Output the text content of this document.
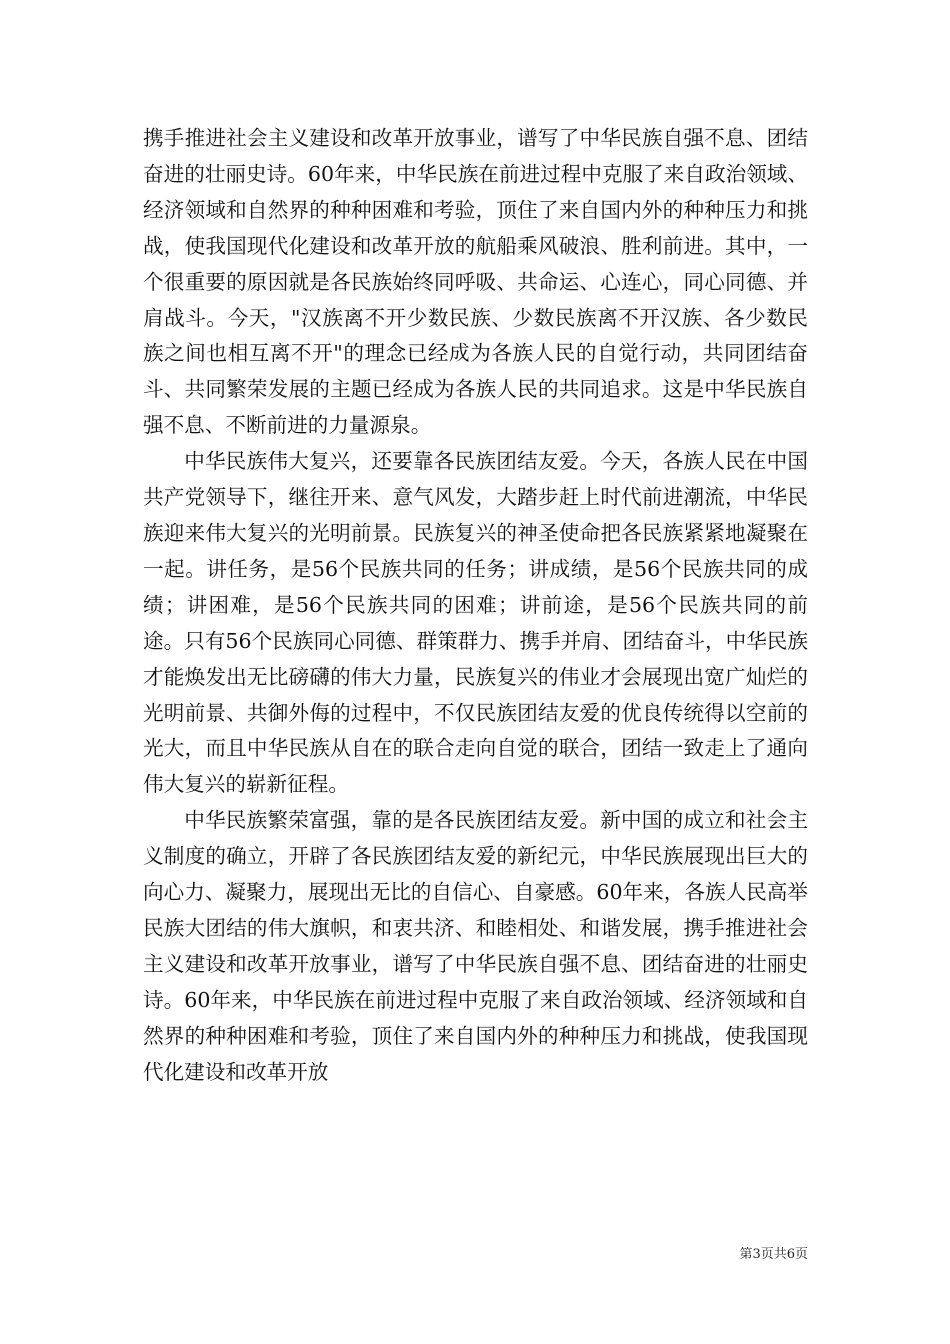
携手推进社会主义建设和改革开放事业，谱写了中华民族自强不息、团结奋进的壮丽史诗。60年来，中华民族在前进过程中克服了来自政治领域、经济领域和自然界的种种困难和考验，顶住了来自国内外的种种压力和挑战，使我国现代化建设和改革开放的航船乘风破浪、胜利前进。其中，一个很重要的原因就是各民族始终同呼吸、共命运、心连心，同心同德、并肩战斗。今天，"汉族离不开少数民族、少数民族离不开汉族、各少数民族之间也相互离不开"的理念已经成为各族人民的自觉行动，共同团结奋斗、共同繁荣发展的主题已经成为各族人民的共同追求。这是中华民族自强不息、不断前进的力量源泉。

中华民族伟大复兴，还要靠各民族团结友爱。今天，各族人民在中国共产党领导下，继往开来、意气风发，大踏步赶上时代前进潮流，中华民族迎来伟大复兴的光明前景。民族复兴的神圣使命把各民族紧紧地凝聚在一起。讲任务，是56个民族共同的任务；讲成绩，是56个民族共同的成绩；讲困难，是56个民族共同的困难；讲前途，是56个民族共同的前途。只有56个民族同心同德、群策群力、携手并肩、团结奋斗，中华民族才能焕发出无比磅礴的伟大力量，民族复兴的伟业才会展现出宽广灿烂的光明前景、共御外侮的过程中，不仅民族团结友爱的优良传统得以空前的光大，而且中华民族从自在的联合走向自觉的联合，团结一致走上了通向伟大复兴的崭新征程。

中华民族繁荣富强，靠的是各民族团结友爱。新中国的成立和社会主义制度的确立，开辟了各民族团结友爱的新纪元，中华民族展现出巨大的向心力、凝聚力，展现出无比的自信心、自豪感。60年来，各族人民高举民族大团结的伟大旗帜，和衷共济、和睦相处、和谐发展，携手推进社会主义建设和改革开放事业，谱写了中华民族自强不息、团结奋进的壮丽史诗。60年来，中华民族在前进过程中克服了来自政治领域、经济领域和自然界的种种困难和考验，顶住了来自国内外的种种压力和挑战，使我国现代化建设和改革开放

第3页共6页
